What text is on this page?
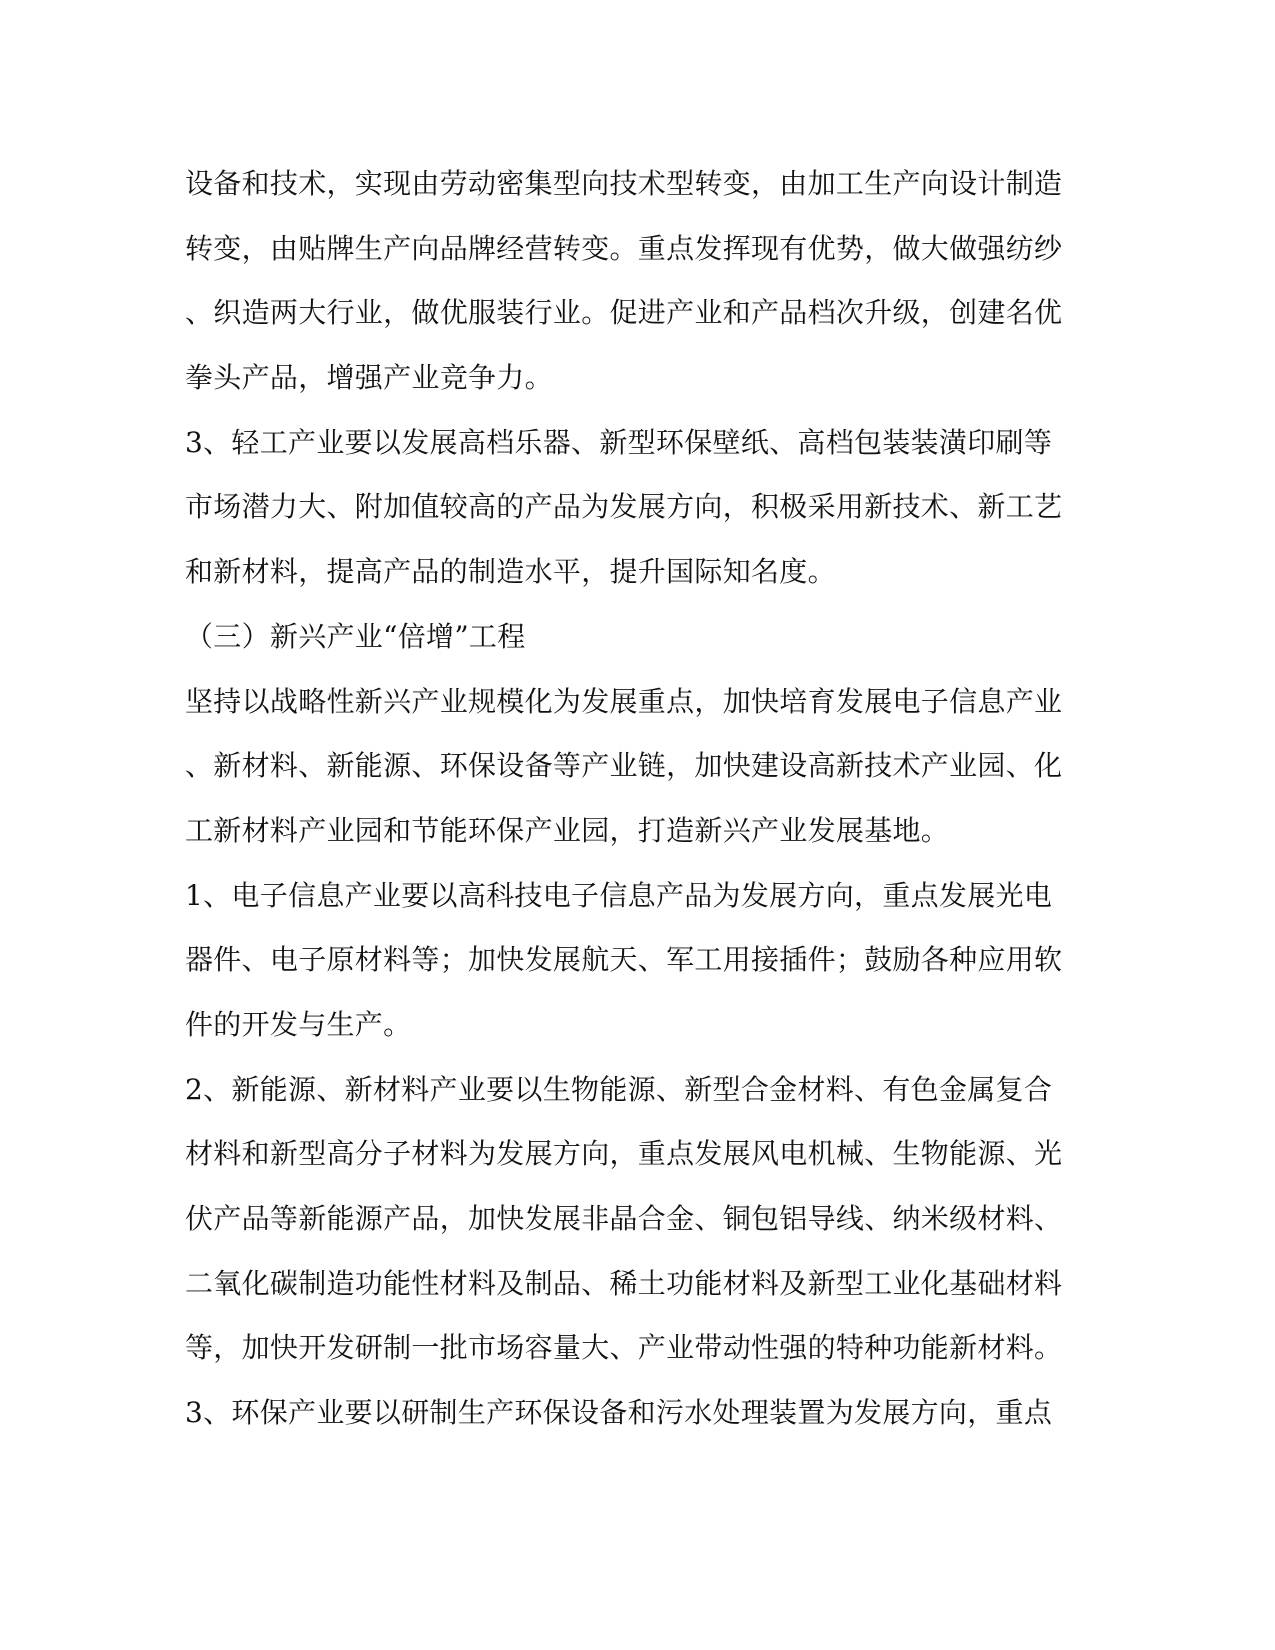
设备和技术，实现由劳动密集型向技术型转变，由加工生产向设计制造
转变，由贴牌生产向品牌经营转变。重点发挥现有优势，做大做强纺纱
、织造两大行业，做优服装行业。促进产业和产品档次升级，创建名优
拳头产品，增强产业竞争力。
3、轻工产业要以发展高档乐器、新型环保壁纸、高档包装装潢印刷等
市场潜力大、附加值较高的产品为发展方向，积极采用新技术、新工艺
和新材料，提高产品的制造水平，提升国际知名度。
（三）新兴产业“倍增”工程
坚持以战略性新兴产业规模化为发展重点，加快培育发展电子信息产业
、新材料、新能源、环保设备等产业链，加快建设高新技术产业园、化
工新材料产业园和节能环保产业园，打造新兴产业发展基地。
1、电子信息产业要以高科技电子信息产品为发展方向，重点发展光电
器件、电子原材料等；加快发展航天、军工用接插件；鼓励各种应用软
件的开发与生产。
2、新能源、新材料产业要以生物能源、新型合金材料、有色金属复合
材料和新型高分子材料为发展方向，重点发展风电机械、生物能源、光
伏产品等新能源产品，加快发展非晶合金、铜包铝导线、纳米级材料、
二氧化碳制造功能性材料及制品、稀土功能材料及新型工业化基础材料
等，加快开发研制一批市场容量大、产业带动性强的特种功能新材料。
3、环保产业要以研制生产环保设备和污水处理装置为发展方向，重点
